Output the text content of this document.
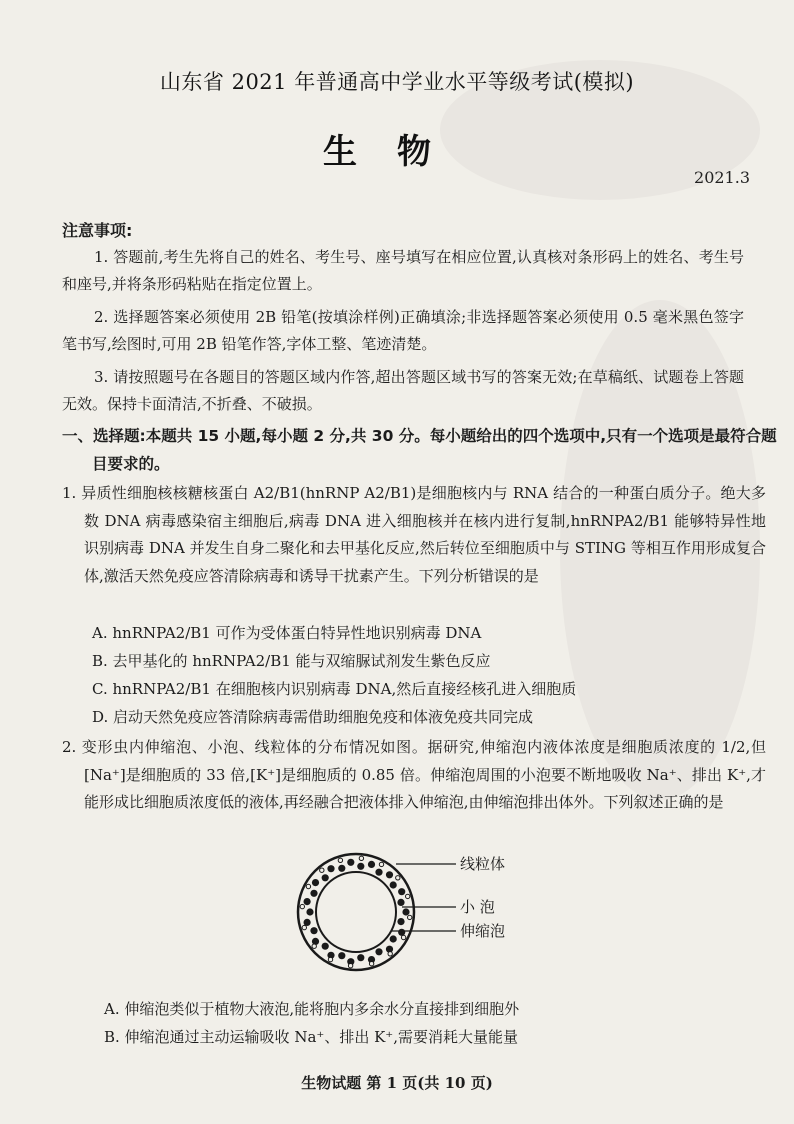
山东省 2021 年普通高中学业水平等级考试(模拟)
生物
2021.3
注意事项:
1. 答题前,考生先将自己的姓名、考生号、座号填写在相应位置,认真核对条形码上的姓名、考生号和座号,并将条形码粘贴在指定位置上。
2. 选择题答案必须使用 2B 铅笔(按填涂样例)正确填涂;非选择题答案必须使用 0.5 毫米黑色签字笔书写,绘图时,可用 2B 铅笔作答,字体工整、笔迹清楚。
3. 请按照题号在各题目的答题区域内作答,超出答题区域书写的答案无效;在草稿纸、试题卷上答题无效。保持卡面清洁,不折叠、不破损。
一、选择题:本题共 15 小题,每小题 2 分,共 30 分。每小题给出的四个选项中,只有一个选项是最符合题目要求的。
1. 异质性细胞核核糖核蛋白 A2/B1(hnRNP A2/B1)是细胞核内与 RNA 结合的一种蛋白质分子。绝大多数 DNA 病毒感染宿主细胞后,病毒 DNA 进入细胞核并在核内进行复制,hnRNPA2/B1 能够特异性地识别病毒 DNA 并发生自身二聚化和去甲基化反应,然后转位至细胞质中与 STING 等相互作用形成复合体,激活天然免疫应答清除病毒和诱导干扰素产生。下列分析错误的是
A. hnRNPA2/B1 可作为受体蛋白特异性地识别病毒 DNA
B. 去甲基化的 hnRNPA2/B1 能与双缩脲试剂发生紫色反应
C. hnRNPA2/B1 在细胞核内识别病毒 DNA,然后直接经核孔进入细胞质
D. 启动天然免疫应答清除病毒需借助细胞免疫和体液免疫共同完成
2. 变形虫内伸缩泡、小泡、线粒体的分布情况如图。据研究,伸缩泡内液体浓度是细胞质浓度的 1/2,但[Na⁺]是细胞质的 33 倍,[K⁺]是细胞质的 0.85 倍。伸缩泡周围的小泡要不断地吸收 Na⁺、排出 K⁺,才能形成比细胞质浓度低的液体,再经融合把液体排入伸缩泡,由伸缩泡排出体外。下列叙述正确的是
线粒体
小 泡
伸缩泡
A. 伸缩泡类似于植物大液泡,能将胞内多余水分直接排到细胞外
B. 伸缩泡通过主动运输吸收 Na⁺、排出 K⁺,需要消耗大量能量
生物试题 第 1 页(共 10 页)
